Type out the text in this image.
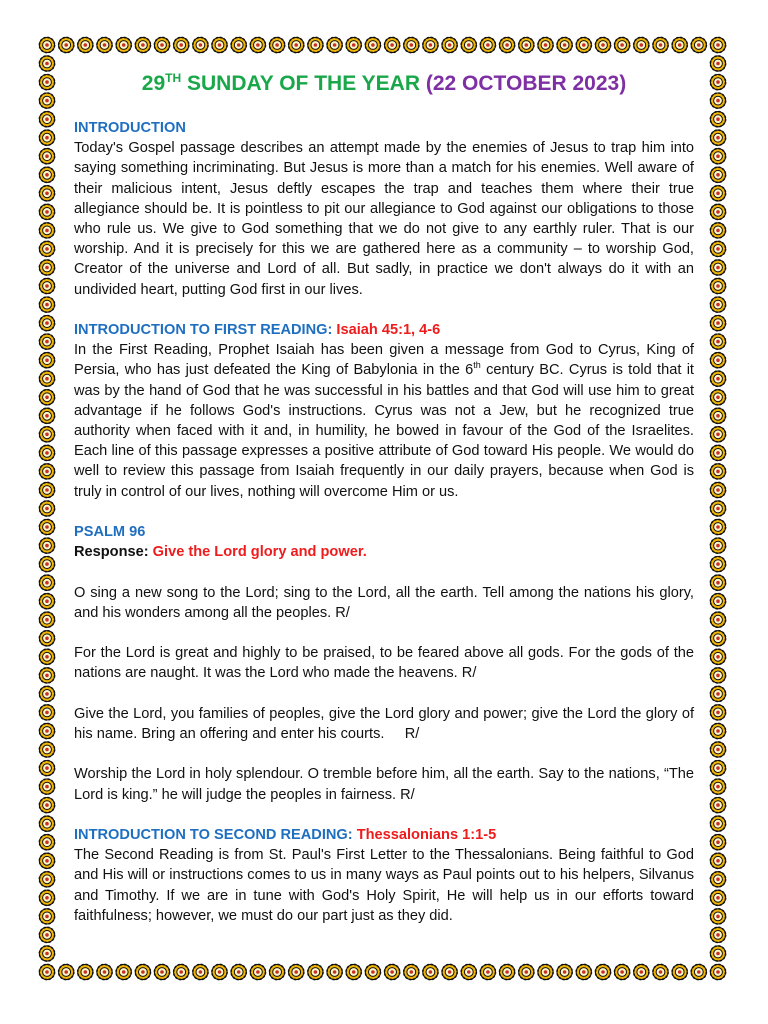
29TH SUNDAY OF THE YEAR (22 OCTOBER 2023)
INTRODUCTION

Today's Gospel passage describes an attempt made by the enemies of Jesus to trap him into saying something incriminating. But Jesus is more than a match for his enemies. Well aware of their malicious intent, Jesus deftly escapes the trap and teaches them where their true allegiance should be. It is pointless to pit our allegiance to God against our obligations to those who rule us. We give to God something that we do not give to any earthly ruler. That is our worship. And it is precisely for this we are gathered here as a community – to worship God, Creator of the universe and Lord of all. But sadly, in practice we don't always do it with an undivided heart, putting God first in our lives.

INTRODUCTION TO FIRST READING: Isaiah 45:1, 4-6

In the First Reading, Prophet Isaiah has been given a message from God to Cyrus, King of Persia, who has just defeated the King of Babylonia in the 6th century BC. Cyrus is told that it was by the hand of God that he was successful in his battles and that God will use him to great advantage if he follows God's instructions. Cyrus was not a Jew, but he recognized true authority when faced with it and, in humility, he bowed in favour of the God of the Israelites. Each line of this passage expresses a positive attribute of God toward His people. We would do well to review this passage from Isaiah frequently in our daily prayers, because when God is truly in control of our lives, nothing will overcome Him or us.

PSALM 96
Response: Give the Lord glory and power.

O sing a new song to the Lord; sing to the Lord, all the earth. Tell among the nations his glory, and his wonders among all the peoples. R/

For the Lord is great and highly to be praised, to be feared above all gods. For the gods of the nations are naught. It was the Lord who made the heavens. R/

Give the Lord, you families of peoples, give the Lord glory and power; give the Lord the glory of his name. Bring an offering and enter his courts.     R/

Worship the Lord in holy splendour. O tremble before him, all the earth. Say to the nations, “The Lord is king.” he will judge the peoples in fairness. R/

INTRODUCTION TO SECOND READING: Thessalonians 1:1-5

The Second Reading is from St. Paul's First Letter to the Thessalonians. Being faithful to God and His will or instructions comes to us in many ways as Paul points out to his helpers, Silvanus and Timothy. If we are in tune with God's Holy Spirit, He will help us in our efforts toward faithfulness; however, we must do our part just as they did.
